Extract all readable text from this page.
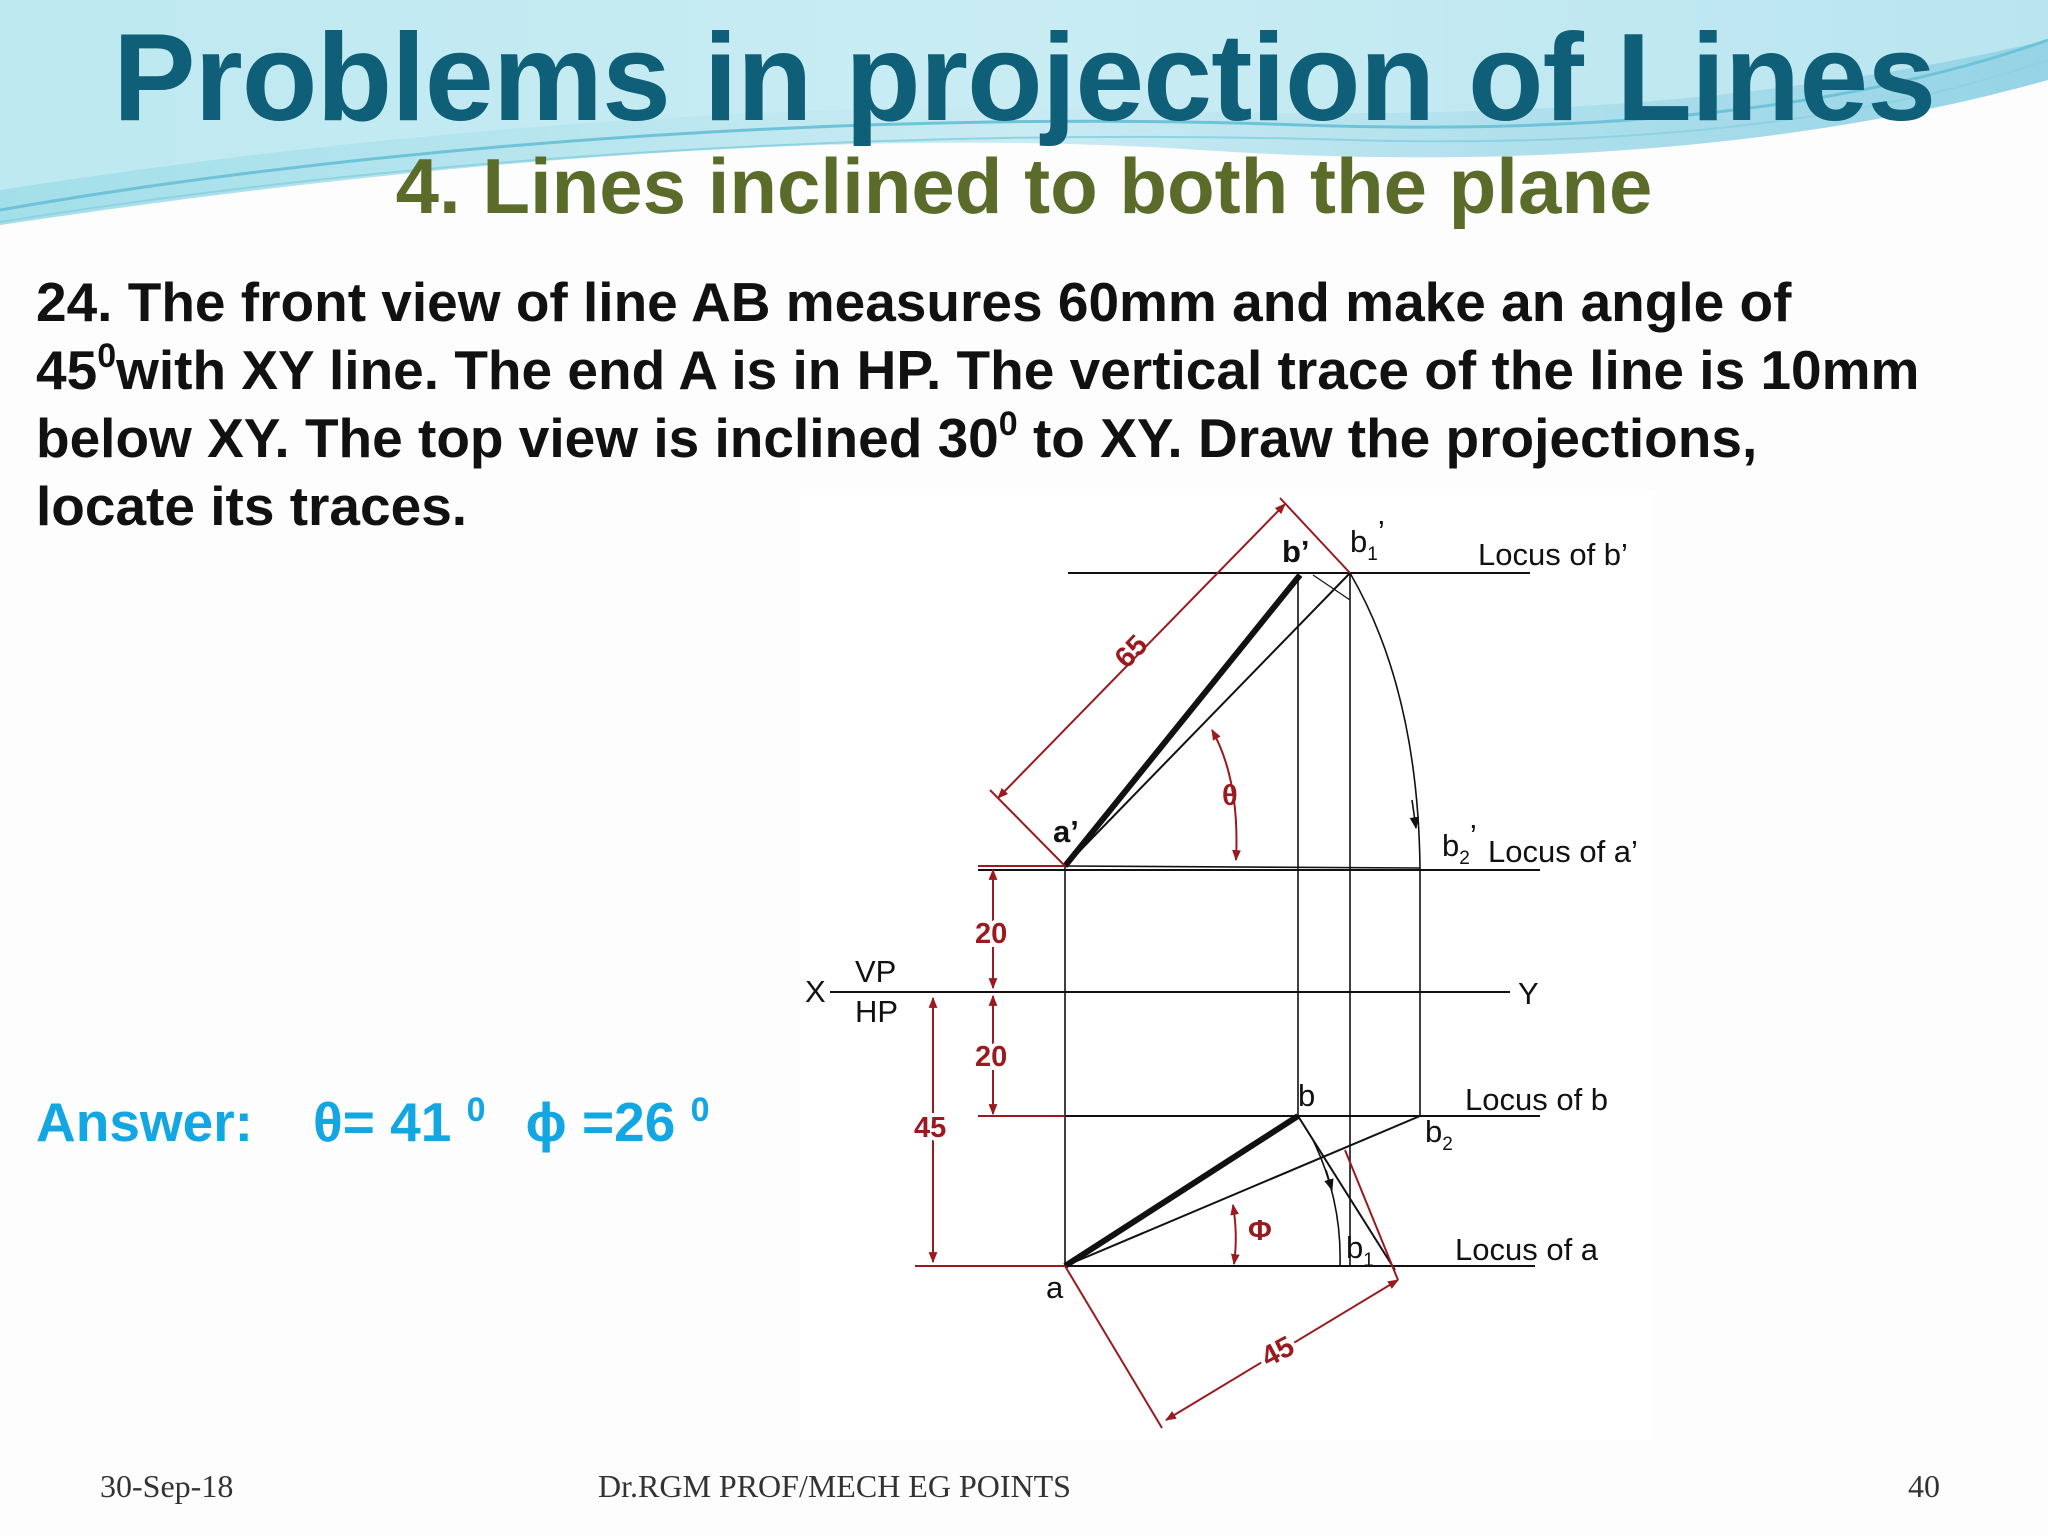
Problems in projection of Lines
4. Lines inclined to both the plane
24. The front view of line AB measures 60mm and make an angle of
$45^0with$ XY line. The end A is in HP. The vertical trace of the line is 10mm
below XY. The top view is inclined $30^0$ to XY. Draw the projections,
locate its traces.
Answer: θ= 41 $^0$ ϕ =26 $^0$
65
θ
20
20
45
Φ
45
b’ $b_1$’
Locus of b’
a’	$b_2$’ Locus of a’
X
VP
HP
Y
b	Locus of b
$b_2$
$b_1$	Locus of a
a
30-Sep-18	Dr.RGM PROF/MECH EG POINTS	40
